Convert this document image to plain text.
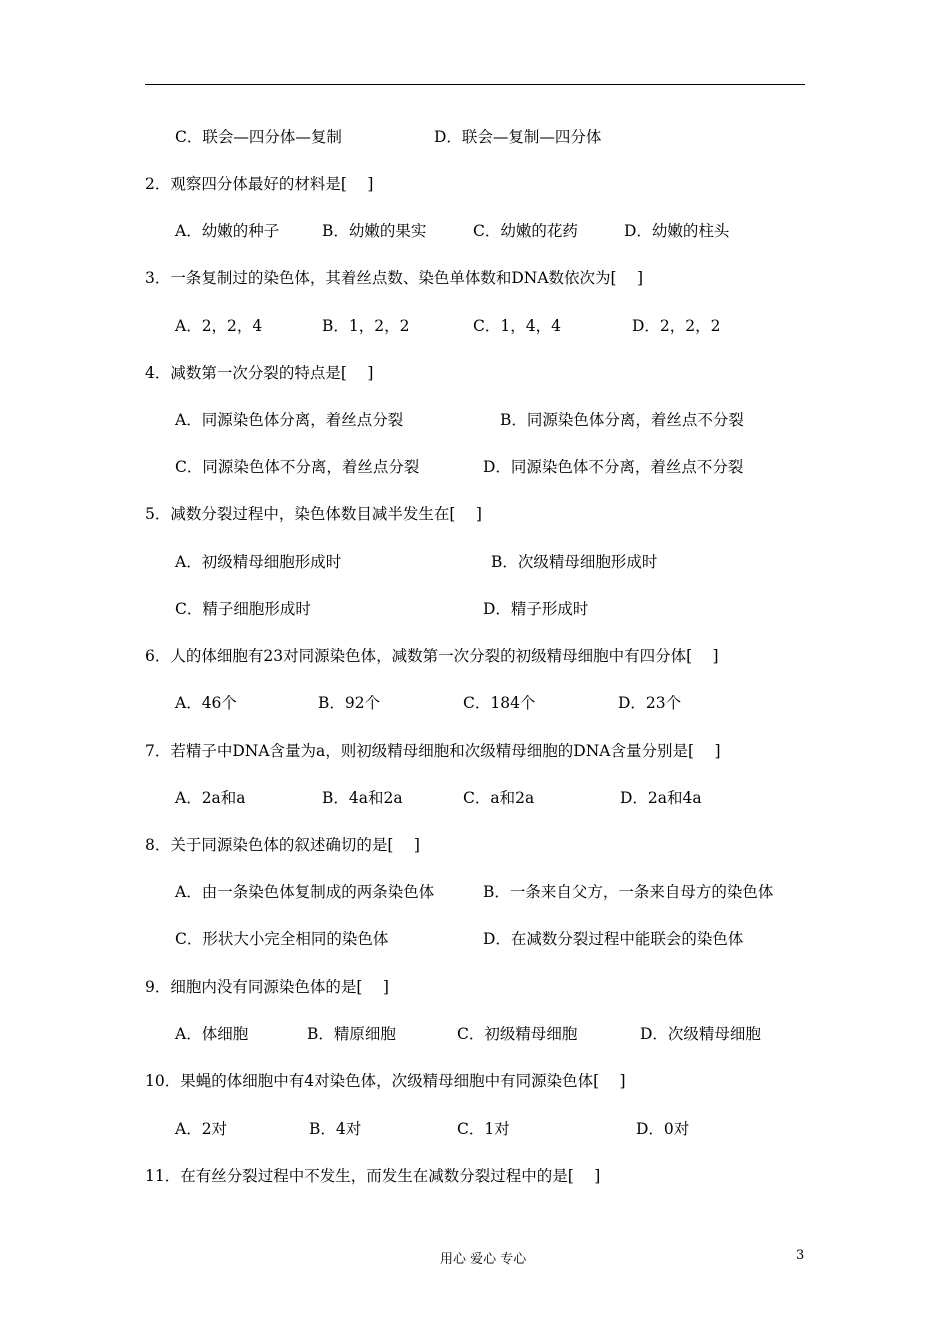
C．联会—四分体—复制	D．联会—复制—四分体
2．观察四分体最好的材料是[　 ]
A．幼嫩的种子	B．幼嫩的果实	C．幼嫩的花药	D．幼嫩的柱头
3．一条复制过的染色体，其着丝点数、染色单体数和DNA数依次为[　 ]
A．2，2，4	B．1，2，2	C．1，4，4	D．2，2，2
4．减数第一次分裂的特点是[　 ]
A．同源染色体分离，着丝点分裂	B．同源染色体分离，着丝点不分裂
C．同源染色体不分离，着丝点分裂	D．同源染色体不分离，着丝点不分裂
5．减数分裂过程中，染色体数目减半发生在[　 ]
A．初级精母细胞形成时	B．次级精母细胞形成时
C．精子细胞形成时	D．精子形成时
6．人的体细胞有23对同源染色体，减数第一次分裂的初级精母细胞中有四分体[　 ]
A．46个	B．92个	C．184个	D．23个
7．若精子中DNA含量为a，则初级精母细胞和次级精母细胞的DNA含量分别是[　 ]
A．2a和a	B．4a和2a	C．a和2a	D．2a和4a
8．关于同源染色体的叙述确切的是[　 ]
A．由一条染色体复制成的两条染色体	B．一条来自父方，一条来自母方的染色体
C．形状大小完全相同的染色体	D．在减数分裂过程中能联会的染色体
9．细胞内没有同源染色体的是[　 ]
A．体细胞	B．精原细胞	C．初级精母细胞	D．次级精母细胞
10．果蝇的体细胞中有4对染色体，次级精母细胞中有同源染色体[　 ]
A．2对	B．4对	C．1对	D．0对
11．在有丝分裂过程中不发生，而发生在减数分裂过程中的是[　 ]
用心 爱心 专心	3
